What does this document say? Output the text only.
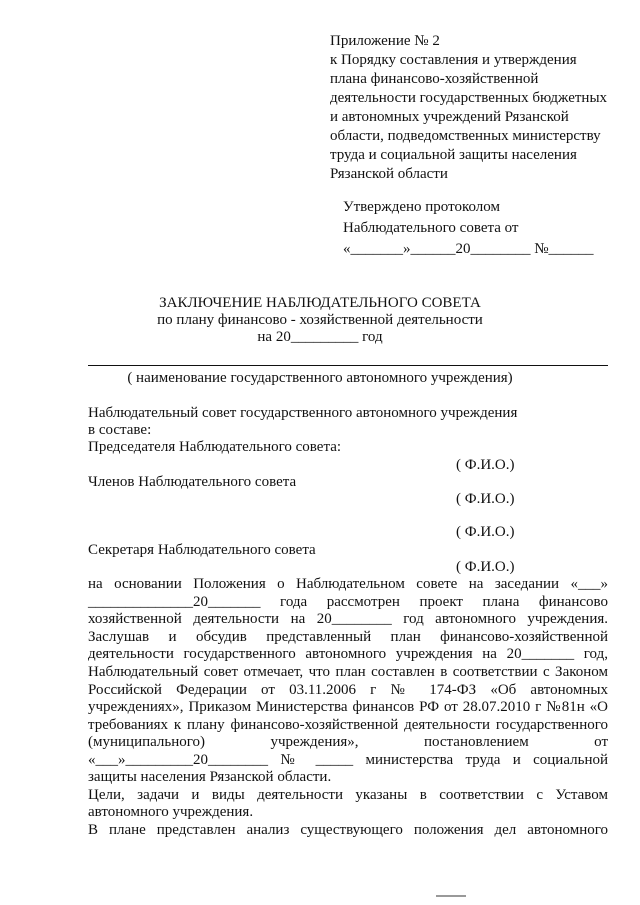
Приложение № 2
к Порядку составления и утверждения
плана финансово-хозяйственной
деятельности государственных бюджетных
и автономных учреждений Рязанской
области, подведомственных министерству
труда и социальной защиты населения
Рязанской области
Утверждено протоколом
Наблюдательного совета от
«_______»______20________ №______
ЗАКЛЮЧЕНИЕ НАБЛЮДАТЕЛЬНОГО СОВЕТА
по плану финансово - хозяйственной деятельности
на 20_________ год
( наименование государственного автономного учреждения)
Наблюдательный совет государственного автономного учреждения
в составе:
Председателя Наблюдательного совета:
( Ф.И.О.)
Членов Наблюдательного совета
( Ф.И.О.)
( Ф.И.О.)
Секретаря Наблюдательного совета
( Ф.И.О.)
на основании Положения о Наблюдательном совете на заседании «___»
______________20_______ года рассмотрен проект плана финансово
хозяйственной деятельности на 20________ год автономного учреждения.
Заслушав и обсудив представленный план финансово-хозяйственной
деятельности государственного автономного учреждения на 20_______ год,
Наблюдательный совет отмечает, что план составлен в соответствии с Законом
Российской Федерации от 03.11.2006 г № 174-ФЗ «Об автономных
учреждениях», Приказом Министерства финансов РФ от 28.07.2010 г №81н «О
требованиях к плану финансово-хозяйственной деятельности государственного
(муниципального) учреждения», постановлением от
«___»_________20________ № _____ министерства труда и социальной
защиты населения Рязанской области.
Цели, задачи и виды деятельности указаны в соответствии с Уставом
автономного учреждения.
В плане представлен анализ существующего положения дел автономного
